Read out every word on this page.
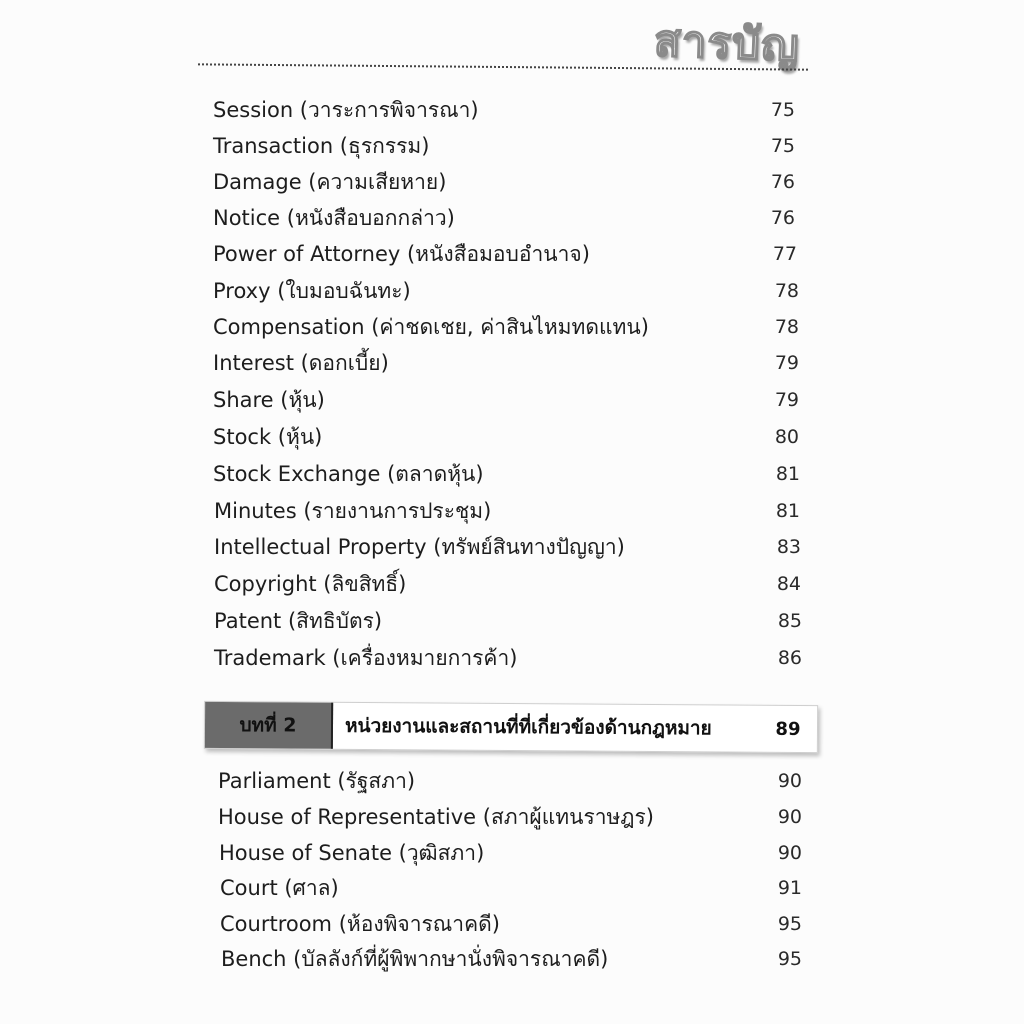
สารบัญ
Session (วาระการพิจารณา)	75
Transaction (ธุรกรรม)	75
Damage (ความเสียหาย)	76
Notice (หนังสือบอกกล่าว)	76
Power of Attorney (หนังสือมอบอำนาจ)	77
Proxy (ใบมอบฉันทะ)	78
Compensation (ค่าชดเชย, ค่าสินไหมทดแทน)	78
Interest (ดอกเบี้ย)	79
Share (หุ้น)	79
Stock (หุ้น)	80
Stock Exchange (ตลาดหุ้น)	81
Minutes (รายงานการประชุม)	81
Intellectual Property (ทรัพย์สินทางปัญญา)	83
Copyright (ลิขสิทธิ์)	84
Patent (สิทธิบัตร)	85
Trademark (เครื่องหมายการค้า)	86
บทที่ 2	หน่วยงานและสถานที่ที่เกี่ยวข้องด้านกฎหมาย	89
Parliament (รัฐสภา)	90
House of Representative (สภาผู้แทนราษฎร)	90
House of Senate (วุฒิสภา)	90
Court (ศาล)	91
Courtroom (ห้องพิจารณาคดี)	95
Bench (บัลลังก์ที่ผู้พิพากษานั่งพิจารณาคดี)	95
